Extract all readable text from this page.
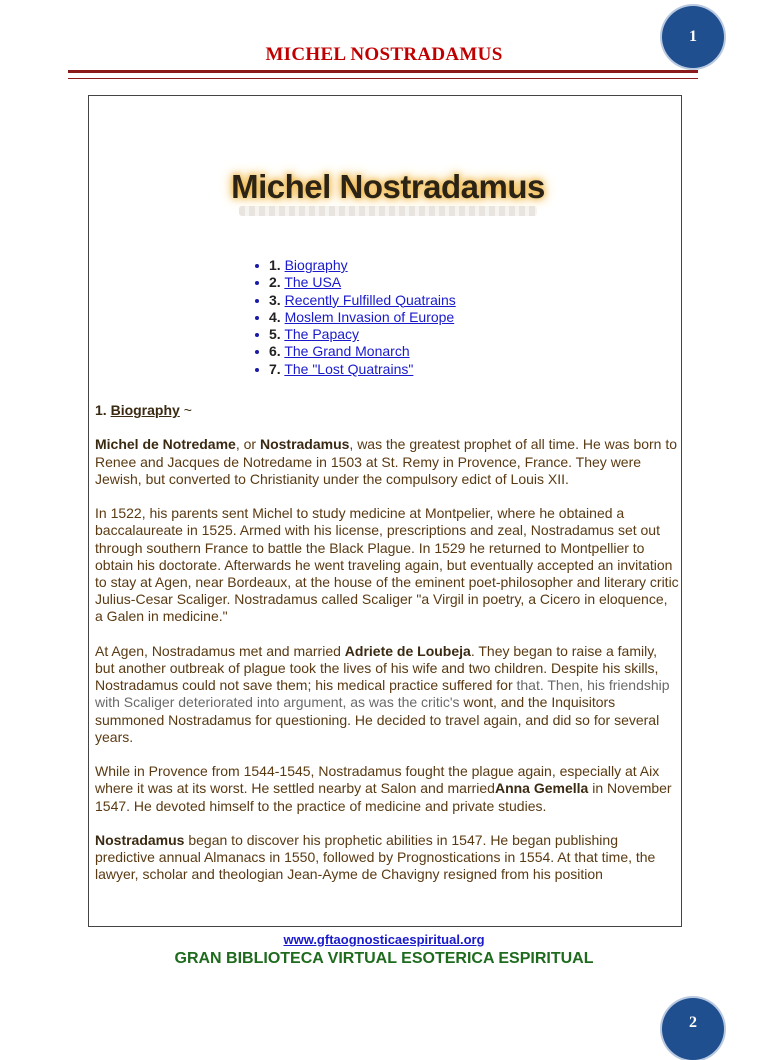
1
MICHEL NOSTRADAMUS
Michel Nostradamus
1. Biography
2. The USA
3. Recently Fulfilled Quatrains
4. Moslem Invasion of Europe
5. The Papacy
6. The Grand Monarch
7. The "Lost Quatrains"

1. Biography ~

Michel de Notredame, or Nostradamus, was the greatest prophet of all time. He was born to Renee and Jacques de Notredame in 1503 at St. Remy in Provence, France. They were Jewish, but converted to Christianity under the compulsory edict of Louis XII.

In 1522, his parents sent Michel to study medicine at Montpelier, where he obtained a baccalaureate in 1525. Armed with his license, prescriptions and zeal, Nostradamus set out through southern France to battle the Black Plague. In 1529 he returned to Montpellier to obtain his doctorate. Afterwards he went traveling again, but eventually accepted an invitation to stay at Agen, near Bordeaux, at the house of the eminent poet-philosopher and literary critic Julius-Cesar Scaliger. Nostradamus called Scaliger "a Virgil in poetry, a Cicero in eloquence, a Galen in medicine."

At Agen, Nostradamus met and married Adriete de Loubeja. They began to raise a family, but another outbreak of plague took the lives of his wife and two children. Despite his skills, Nostradamus could not save them; his medical practice suffered for that. Then, his friendship with Scaliger deteriorated into argument, as was the critic's wont, and the Inquisitors summoned Nostradamus for questioning. He decided to travel again, and did so for several years.

While in Provence from 1544-1545, Nostradamus fought the plague again, especially at Aix where it was at its worst. He settled nearby at Salon and marriedAnna Gemella in November 1547. He devoted himself to the practice of medicine and private studies.

Nostradamus began to discover his prophetic abilities in 1547. He began publishing predictive annual Almanacs in 1550, followed by Prognostications in 1554. At that time, the lawyer, scholar and theologian Jean-Ayme de Chavigny resigned from his position

www.gftaognosticaespiritual.org
GRAN BIBLIOTECA VIRTUAL ESOTERICA ESPIRITUAL
2
